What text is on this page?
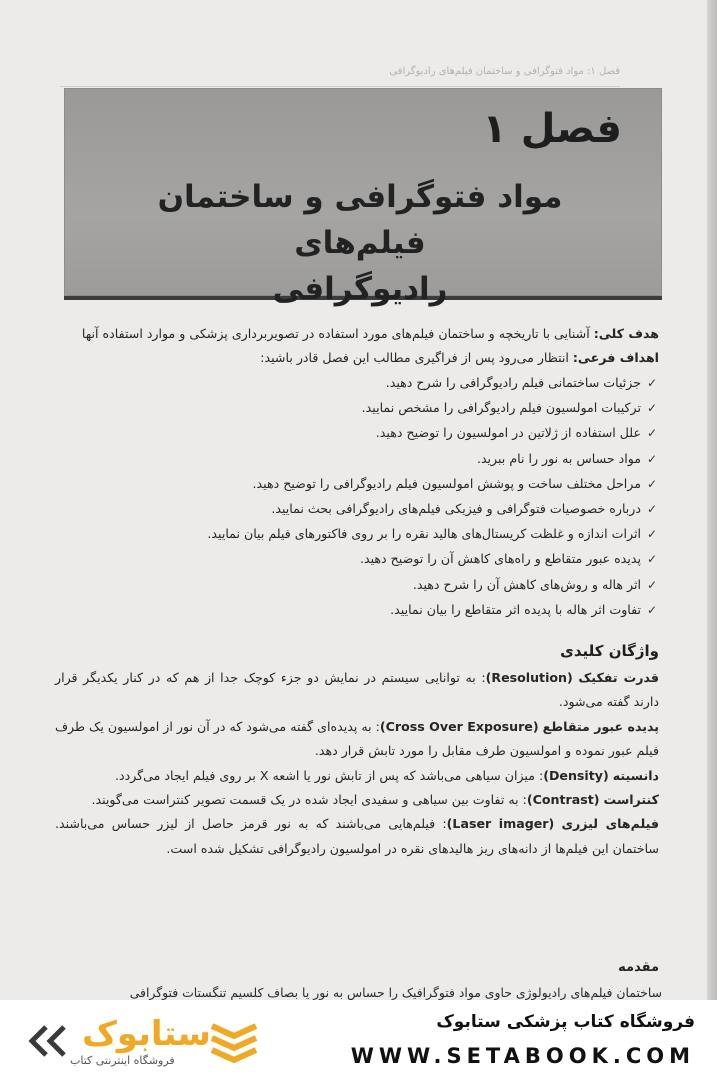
فصل ۱: مواد فتوگرافی و ساختمان فیلم‌های رادیوگرافی
فصل ۱
مواد فتوگرافی و ساختمان فیلم‌های
رادیوگرافی
هدف کلی: آشنایی با تاریخچه و ساختمان فیلم‌های مورد استفاده در تصویربرداری پزشکی و موارد استفاده آنها
اهداف فرعی: انتظار می‌رود پس از فراگیری مطالب این فصل قادر باشید:
✓
جزئیات ساختمانی فیلم رادیوگرافی را شرح دهید.
✓
ترکیبات امولسیون فیلم رادیوگرافی را مشخص نمایید.
✓
علل استفاده از ژلاتین در امولسیون را توضیح دهید.
✓
مواد حساس به نور را نام ببرید.
✓
مراحل مختلف ساخت و پوشش امولسیون فیلم رادیوگرافی را توضیح دهید.
✓
درباره خصوصیات فتوگرافی و فیزیکی فیلم‌های رادیوگرافی بحث نمایید.
✓
اثرات اندازه و غلظت کریستال‌های هالید نقره را بر روی فاکتورهای فیلم بیان نمایید.
✓
پدیده عبور متقاطع و راه‌های کاهش آن را توضیح دهید.
✓
اثر هاله و روش‌های کاهش آن را شرح دهید.
✓
تفاوت اثر هاله با پدیده اثر متقاطع را بیان نمایید.
واژگان کلیدی
قدرت تفکیک (Resolution): به توانایی سیستم در نمایش دو جزء کوچک جدا از هم که در کنار یکدیگر قرار دارند گفته می‌شود.
پدیده عبور متقاطع (Cross Over Exposure): به پدیده‌ای گفته می‌شود که در آن نور از امولسیون یک طرف فیلم عبور نموده و امولسیون طرف مقابل را مورد تابش قرار دهد.
دانسیته (Density): میزان سیاهی می‌باشد که پس از تابش نور یا اشعه X بر روی فیلم ایجاد می‌گردد.
کنتراست (Contrast): به تفاوت بین سیاهی و سفیدی ایجاد شده در یک قسمت تصویر کنتراست می‌گویند.
فیلم‌های لیزری (Laser imager): فیلم‌هایی می‌باشند که به نور قرمز حاصل از لیزر حساس می‌باشند. ساختمان این فیلم‌ها از دانه‌های ریز هالیدهای نقره در امولسیون رادیوگرافی تشکیل شده است.
مقدمه
ساختمان فیلم‌های رادیولوژی حاوی مواد فتوگرافیک را حساس به نور یا بصاف کلسیم تنگستات فتوگرافی
ستابوک
فروشگاه اینترنتی کتاب
فروشگاه کتاب پزشکی ستابوک
WWW.SETABOOK.COM
